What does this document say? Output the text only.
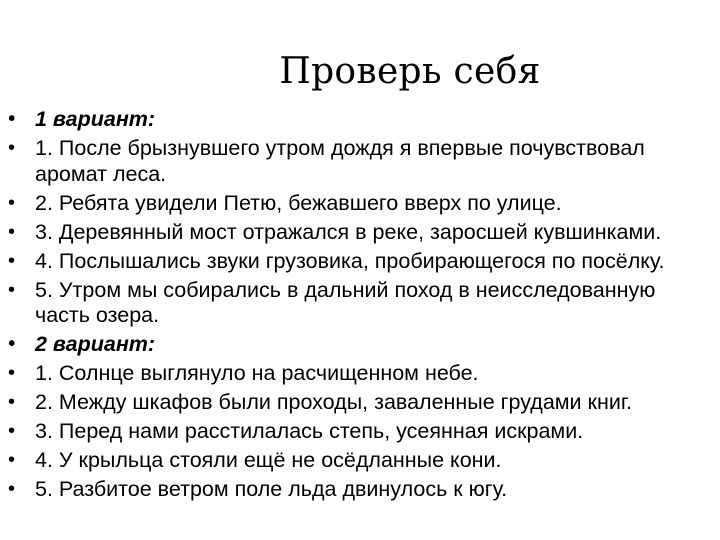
Проверь себя
• 1 вариант:
• 1. После брызнувшего утром дождя я впервые почувствовал аромат леса.
• 2. Ребята увидели Петю, бежавшего вверх по улице.
• 3. Деревянный мост отражался в реке, заросшей кувшинками.
• 4. Послышались звуки грузовика, пробирающегося по посёлку.
• 5. Утром мы собирались в дальний поход в неисследованную часть озера.
• 2 вариант:
• 1. Солнце выглянуло на расчищенном небе.
• 2. Между шкафов были проходы, заваленные грудами книг.
• 3. Перед нами расстилалась степь, усеянная искрами.
• 4. У крыльца стояли ещё не осёдланные кони.
• 5. Разбитое ветром поле льда двинулось к югу.
